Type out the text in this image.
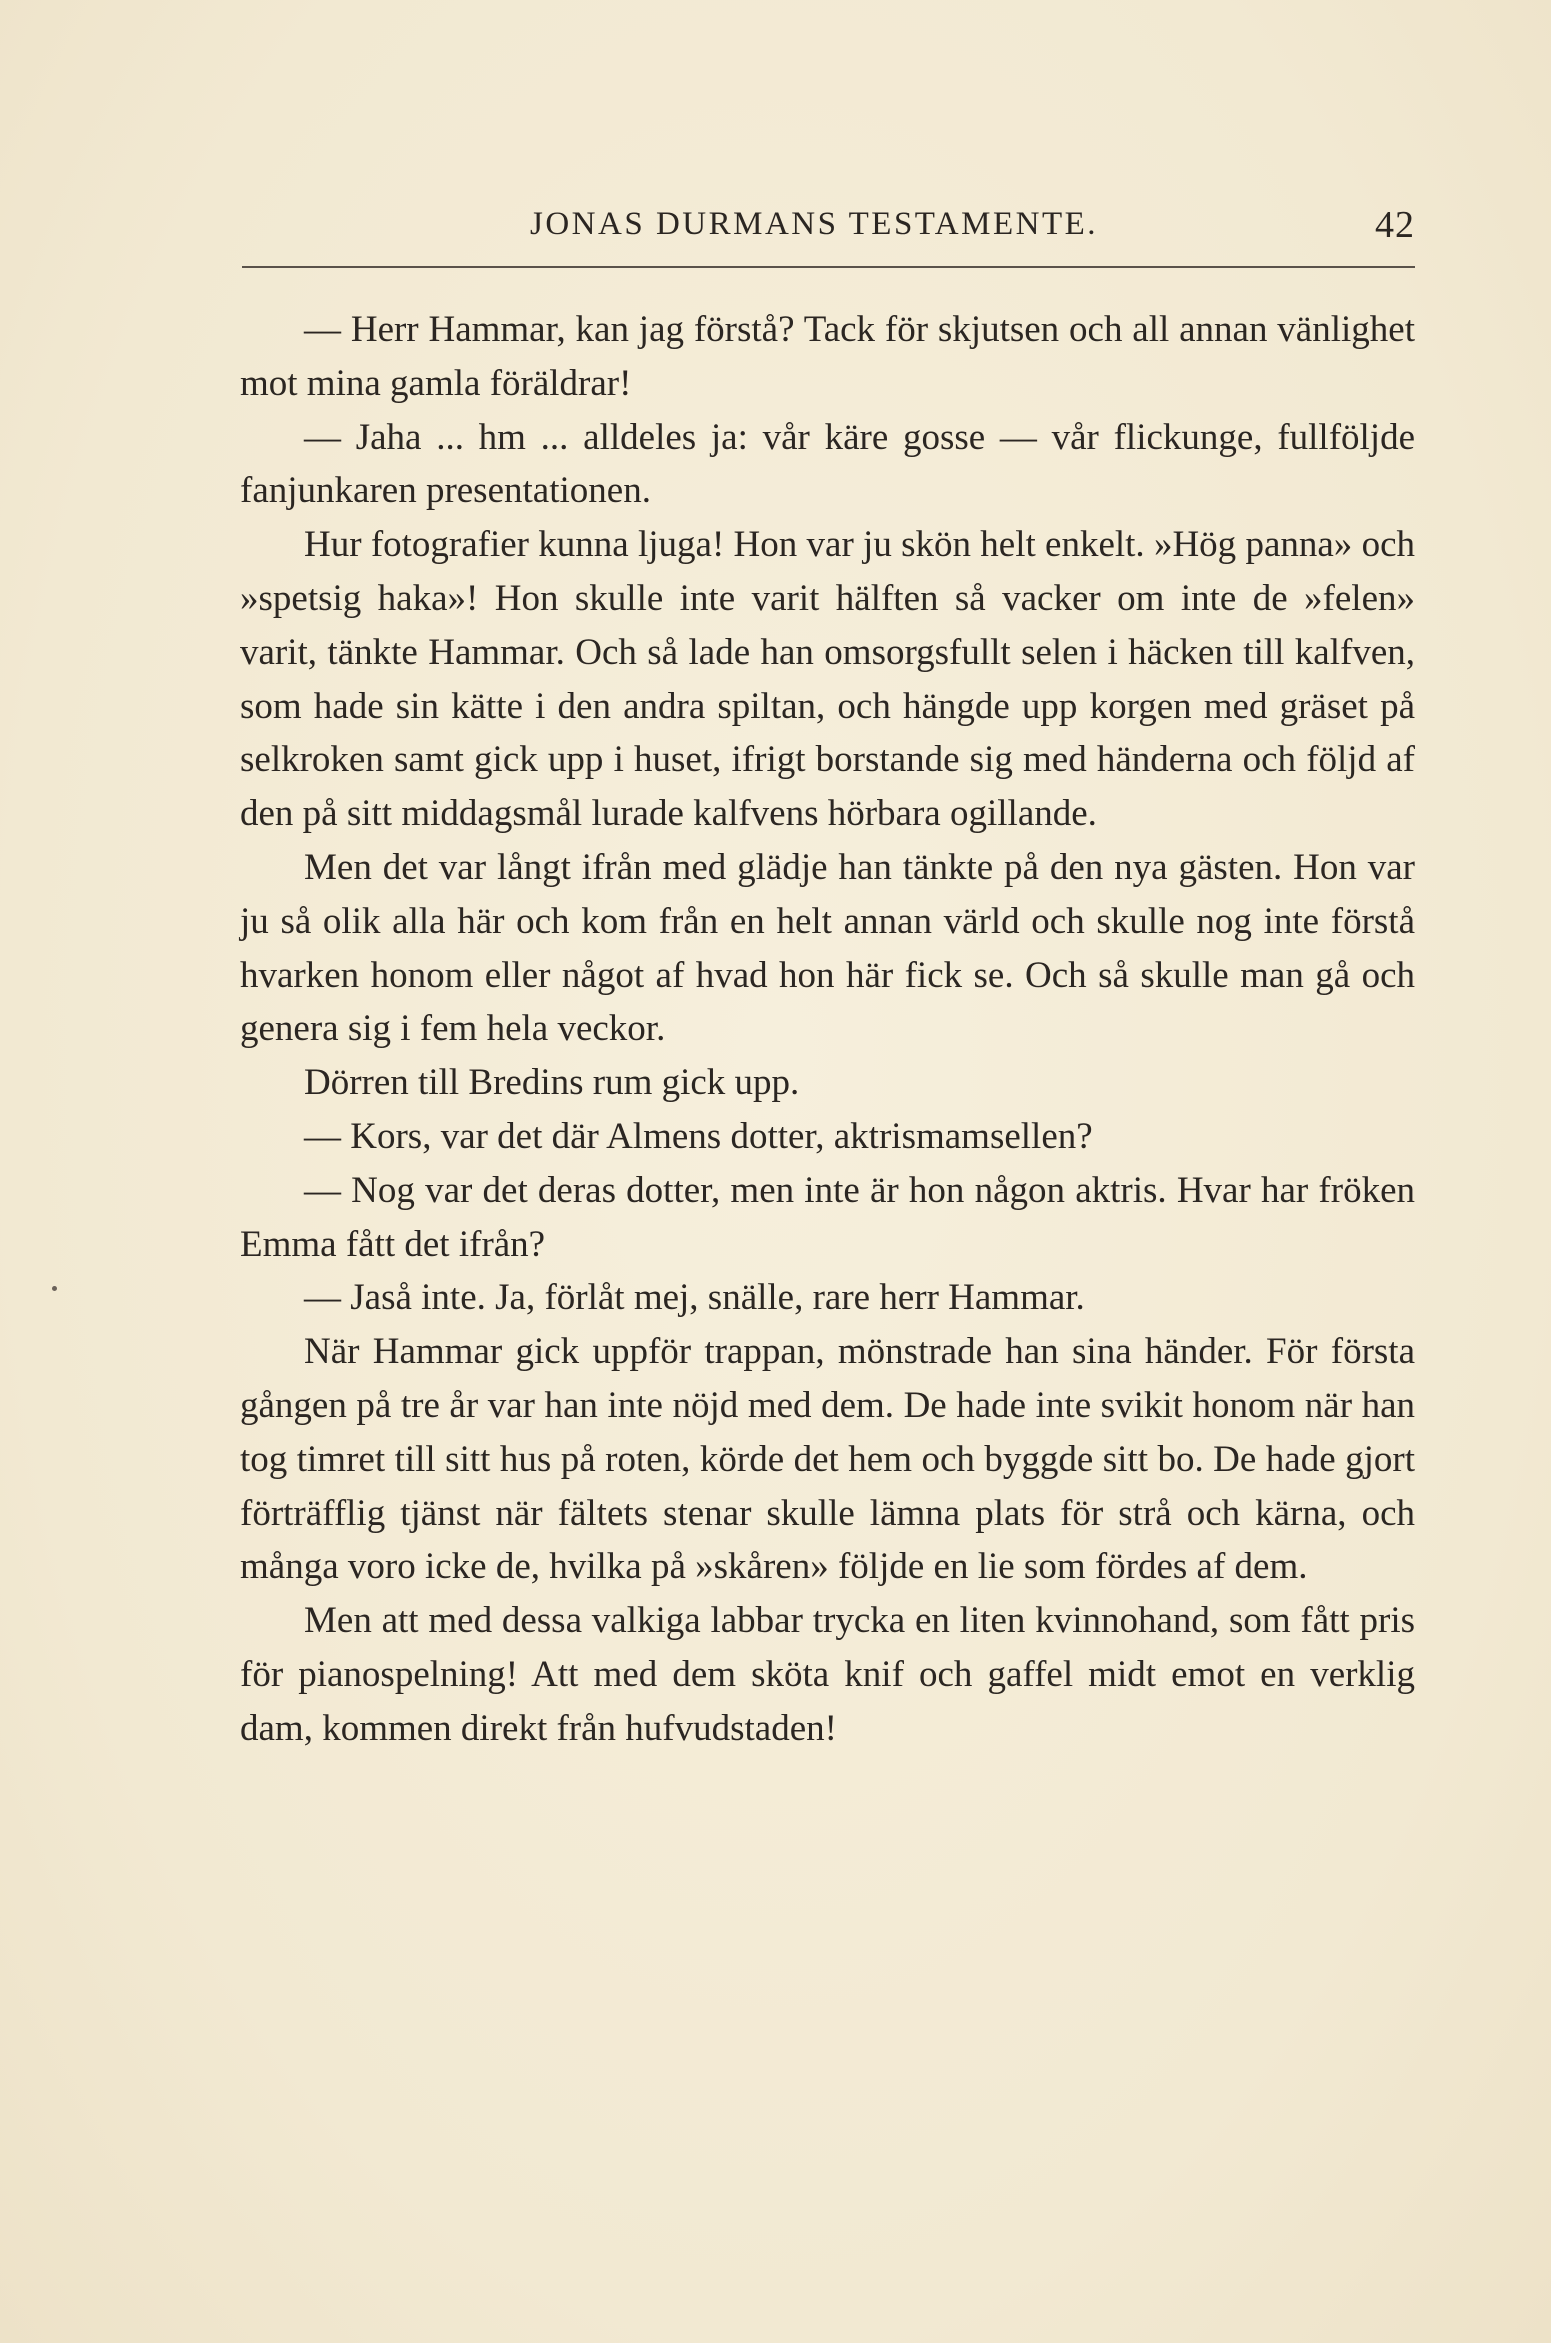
JONAS DURMANS TESTAMENTE.	42

— Herr Hammar, kan jag förstå? Tack för skjutsen och all annan vänlighet mot mina gamla föräldrar!

— Jaha ... hm ... alldeles ja: vår käre gosse — vår flickunge, fullföljde fanjunkaren presentationen.

Hur fotografier kunna ljuga! Hon var ju skön helt enkelt. »Hög panna» och »spetsig haka»! Hon skulle inte varit hälften så vacker om inte de »felen» varit, tänkte Hammar. Och så lade han omsorgsfullt selen i häcken till kalfven, som hade sin kätte i den andra spiltan, och hängde upp korgen med gräset på selkroken samt gick upp i huset, ifrigt borstande sig med händerna och följd af den på sitt middagsmål lurade kalfvens hörbara ogillande.

Men det var långt ifrån med glädje han tänkte på den nya gästen. Hon var ju så olik alla här och kom från en helt annan värld och skulle nog inte förstå hvarken honom eller något af hvad hon här fick se. Och så skulle man gå och genera sig i fem hela veckor.

Dörren till Bredins rum gick upp.

— Kors, var det där Almens dotter, aktrismamsellen?

— Nog var det deras dotter, men inte är hon någon aktris. Hvar har fröken Emma fått det ifrån?

— Jaså inte. Ja, förlåt mej, snälle, rare herr Hammar.

När Hammar gick uppför trappan, mönstrade han sina händer. För första gången på tre år var han inte nöjd med dem. De hade inte svikit honom när han tog timret till sitt hus på roten, körde det hem och byggde sitt bo. De hade gjort förträfflig tjänst när fältets stenar skulle lämna plats för strå och kärna, och många voro icke de, hvilka på »skåren» följde en lie som fördes af dem.

Men att med dessa valkiga labbar trycka en liten kvinnohand, som fått pris för pianospelning! Att med dem sköta knif och gaffel midt emot en verklig dam, kommen direkt från hufvudstaden!
